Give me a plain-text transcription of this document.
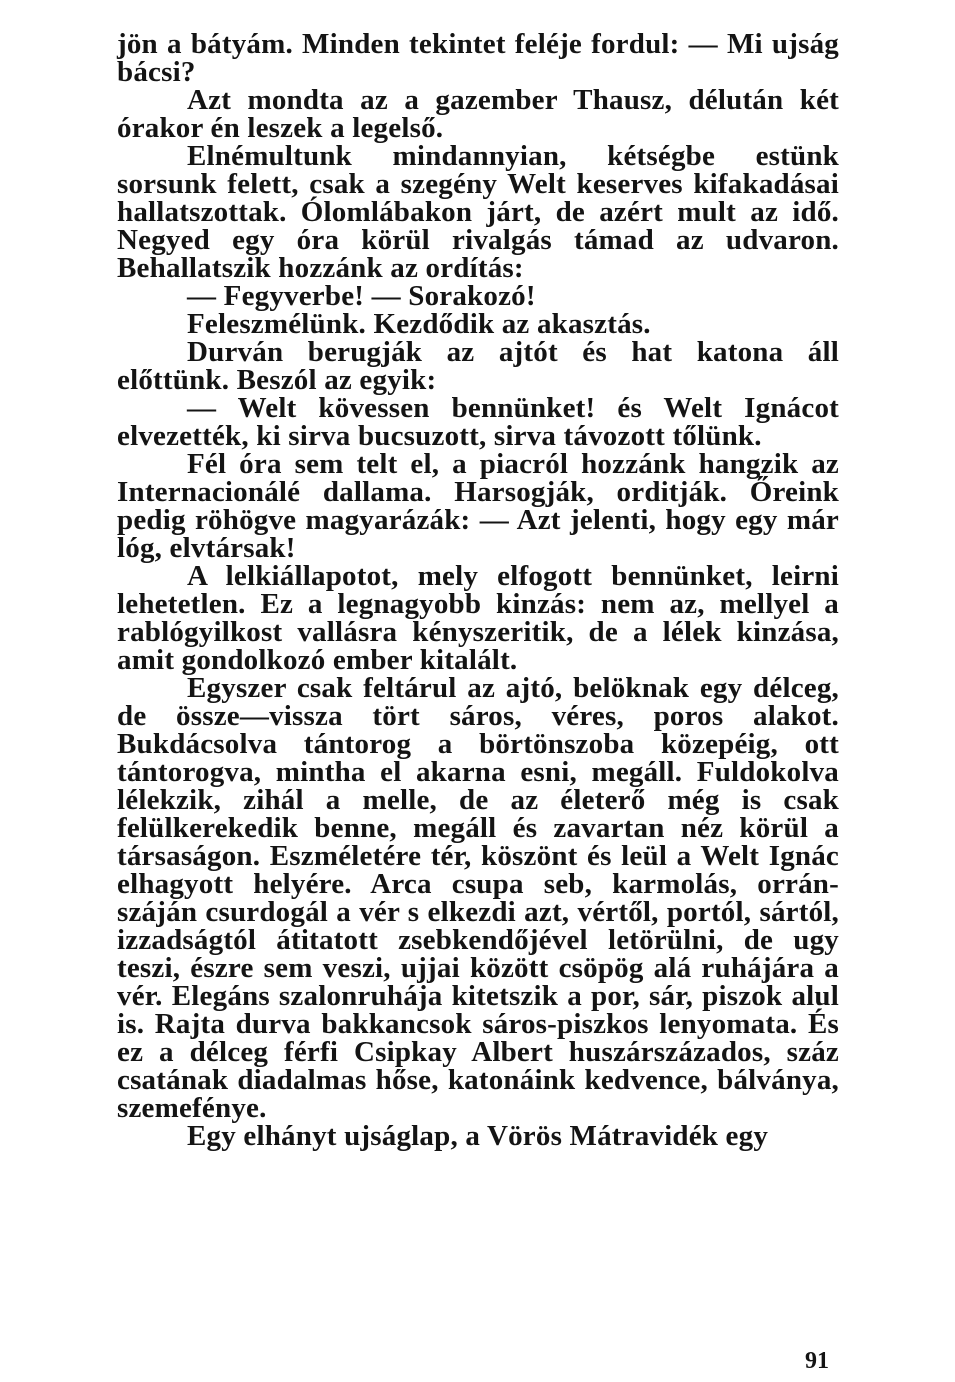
jön a bátyám. Minden tekintet feléje fordul: — Mi ujság bácsi?

Azt mondta az a gazember Thausz, délután két órakor én leszek a legelső.

Elnémultunk mindannyian, kétségbe estünk sorsunk felett, csak a szegény Welt keserves kifakadásai hallatszottak. Ólomlábakon járt, de azért mult az idő. Negyed egy óra körül rivalgás támad az udvaron. Behallatszik hozzánk az ordítás:

— Fegyverbe! — Sorakozó!

Feleszmélünk. Kezdődik az akasztás.

Durván berugják az ajtót és hat katona áll előttünk. Beszól az egyik:

— Welt kövessen bennünket! és Welt Ignácot elvezették, ki sirva bucsuzott, sirva távozott tőlünk.

Fél óra sem telt el, a piacról hozzánk hangzik az Internacionálé dallama. Harsogják, orditják. Őreink pedig röhögve magyarázák: — Azt jelenti, hogy egy már lóg, elvtársak!

A lelkiállapotot, mely elfogott bennünket, leirni lehetetlen. Ez a legnagyobb kinzás: nem az, mellyel a rablógyilkost vallásra kényszeritik, de a lélek kinzása, amit gondolkozó ember kitalált.

Egyszer csak feltárul az ajtó, belöknak egy délceg, de össze—vissza tört sáros, véres, poros alakot. Bukdácsolva tántorog a börtönszoba közepéig, ott tántorogva, mintha el akarna esni, megáll. Fuldokolva lélekzik, zihál a melle, de az életerő még is csak felülkerekedik benne, megáll és zavartan néz körül a társaságon. Eszméletére tér, köszönt és leül a Welt Ignác elhagyott helyére. Arca csupa seb, karmolás, orrán-száján csurdogál a vér s elkezdi azt, vértől, portól, sártól, izzadságtól átitatott zsebkendőjével letörülni, de ugy teszi, észre sem veszi, ujjai között csöpög alá ruhájára a vér. Elegáns szalonruhája kitetszik a por, sár, piszok alul is. Rajta durva bakkancsok sáros-piszkos lenyomata. És ez a délceg férfi Csipkay Albert huszárszázados, száz csatának diadalmas hőse, katonáink kedvence, bálványa, szemefénye.

Egy elhányt ujságlap, a Vörös Mátravidék egy

91
